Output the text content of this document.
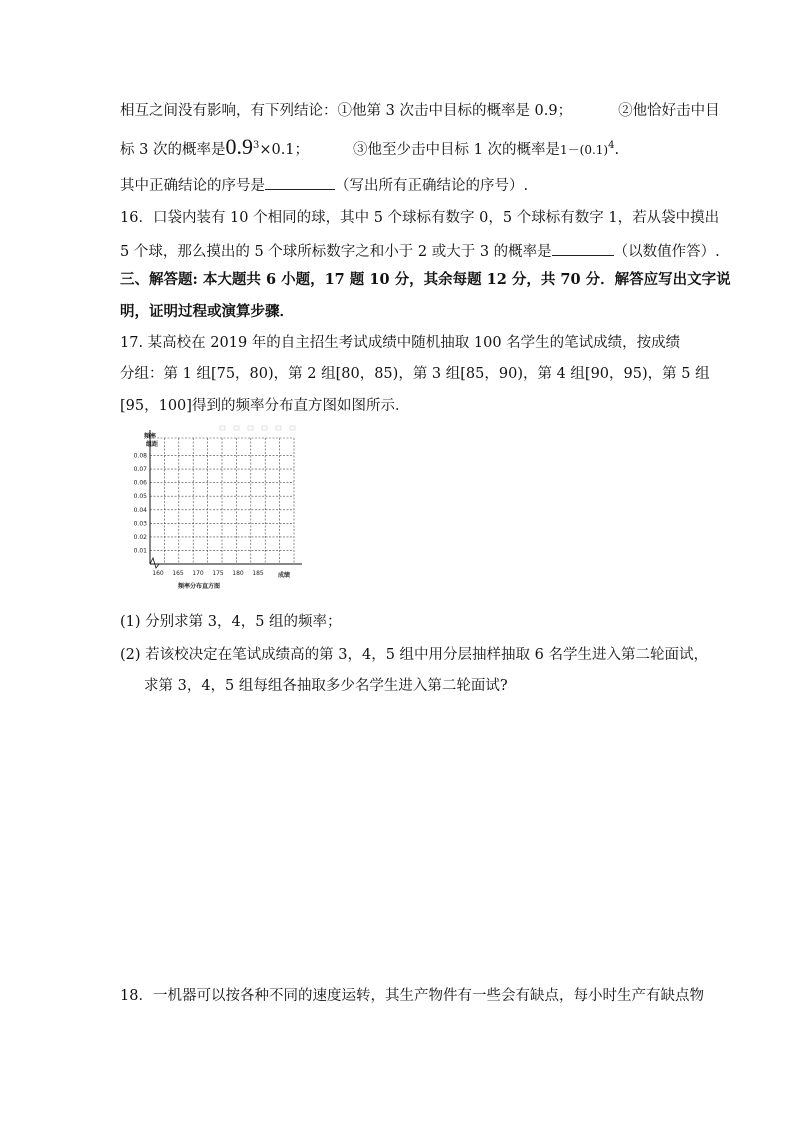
相互之间没有影响，有下列结论：①他第 3 次击中目标的概率是 0.9；	②他恰好击中目
标 3 次的概率是$0.9^3\times 0.1$；	③他至少击中目标 1 次的概率是$1-(0.1)^4$.
其中正确结论的序号是	（写出所有正确结论的序号）.
16．口袋内装有 10 个相同的球，其中 5 个球标有数字 0，5 个球标有数字 1，若从袋中摸出
5 个球，那么摸出的 5 个球所标数字之和小于 2 或大于 3 的概率是	（以数值作答）.
三、解答题: 本大题共 6 小题，17 题 10 分，其余每题 12 分，共 70 分．解答应写出文字说
明，证明过程或演算步骤．
17. 某高校在 2019 年的自主招生考试成绩中随机抽取 100 名学生的笔试成绩，按成绩
分组：第 1 组[75，80)，第 2 组[80，85)，第 3 组[85，90)，第 4 组[90，95)，第 5 组
[95，100]得到的频率分布直方图如图所示．
0.01
0.02
0.03
0.04
0.05
0.06
0.07
0.08
160 165 170 175 180 185
频率
组距
成绩
频率分布直方图
(1) 分别求第 3，4，5 组的频率；
(2) 若该校决定在笔试成绩高的第 3，4，5 组中用分层抽样抽取 6 名学生进入第二轮面试，
求第 3，4，5 组每组各抽取多少名学生进入第二轮面试?
18．一机器可以按各种不同的速度运转，其生产物件有一些会有缺点，每小时生产有缺点物
